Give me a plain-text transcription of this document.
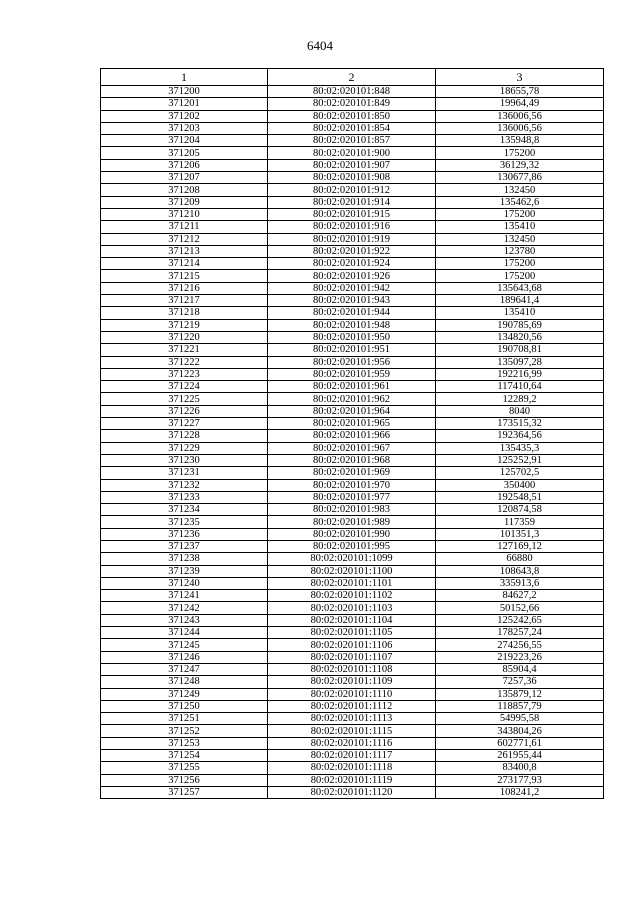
6404
1	2	3
371200	80:02:020101:848	18655,78
371201	80:02:020101:849	19964,49
371202	80:02:020101:850	136006,56
371203	80:02:020101:854	136006,56
371204	80:02:020101:857	135948,8
371205	80:02:020101:900	175200
371206	80:02:020101:907	36129,32
371207	80:02:020101:908	130677,86
371208	80:02:020101:912	132450
371209	80:02:020101:914	135462,6
371210	80:02:020101:915	175200
371211	80:02:020101:916	135410
371212	80:02:020101:919	132450
371213	80:02:020101:922	123780
371214	80:02:020101:924	175200
371215	80:02:020101:926	175200
371216	80:02:020101:942	135643,68
371217	80:02:020101:943	189641,4
371218	80:02:020101:944	135410
371219	80:02:020101:948	190785,69
371220	80:02:020101:950	134820,56
371221	80:02:020101:951	190708,81
371222	80:02:020101:956	135097,28
371223	80:02:020101:959	192216,99
371224	80:02:020101:961	117410,64
371225	80:02:020101:962	12289,2
371226	80:02:020101:964	8040
371227	80:02:020101:965	173515,32
371228	80:02:020101:966	192364,56
371229	80:02:020101:967	135435,3
371230	80:02:020101:968	125252,91
371231	80:02:020101:969	125702,5
371232	80:02:020101:970	350400
371233	80:02:020101:977	192548,51
371234	80:02:020101:983	120874,58
371235	80:02:020101:989	117359
371236	80:02:020101:990	101351,3
371237	80:02:020101:995	127169,12
371238	80:02:020101:1099	66880
371239	80:02:020101:1100	108643,8
371240	80:02:020101:1101	335913,6
371241	80:02:020101:1102	84627,2
371242	80:02:020101:1103	50152,66
371243	80:02:020101:1104	125242,65
371244	80:02:020101:1105	178257,24
371245	80:02:020101:1106	274256,55
371246	80:02:020101:1107	219223,26
371247	80:02:020101:1108	85904,4
371248	80:02:020101:1109	7257,36
371249	80:02:020101:1110	135879,12
371250	80:02:020101:1112	118857,79
371251	80:02:020101:1113	54995,58
371252	80:02:020101:1115	343804,26
371253	80:02:020101:1116	602771,61
371254	80:02:020101:1117	261955,44
371255	80:02:020101:1118	83400,8
371256	80:02:020101:1119	273177,93
371257	80:02:020101:1120	108241,2
